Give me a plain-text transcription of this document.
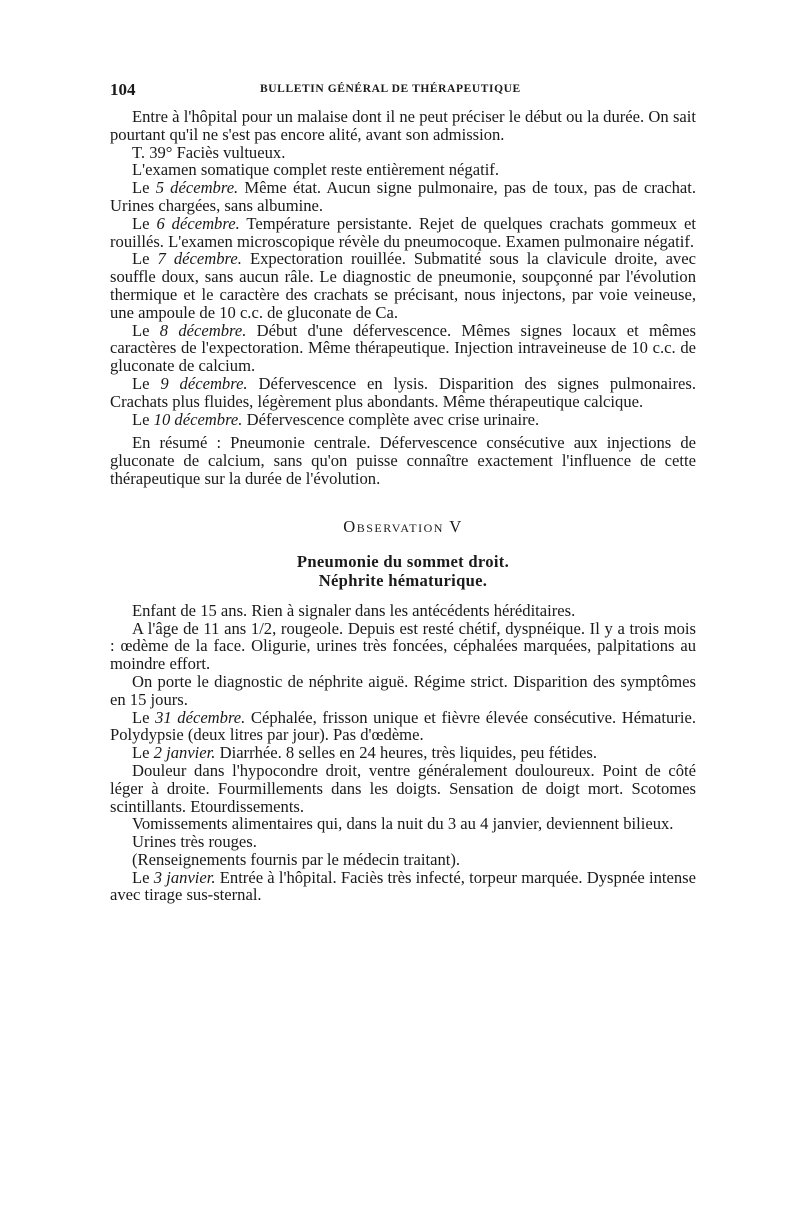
104	BULLETIN GÉNÉRAL DE THÉRAPEUTIQUE

Entre à l'hôpital pour un malaise dont il ne peut préciser le début ou la durée. On sait pourtant qu'il ne s'est pas encore alité, avant son admission.

T. 39° Faciès vultueux.

L'examen somatique complet reste entièrement négatif.

Le 5 décembre. Même état. Aucun signe pulmonaire, pas de toux, pas de crachat. Urines chargées, sans albumine.

Le 6 décembre. Température persistante. Rejet de quelques crachats gommeux et rouillés. L'examen microscopique révèle du pneumocoque. Examen pulmonaire négatif.

Le 7 décembre. Expectoration rouillée. Submatité sous la clavicule droite, avec souffle doux, sans aucun râle. Le diagnostic de pneumonie, soupçonné par l'évolution thermique et le caractère des crachats se précisant, nous injectons, par voie veineuse, une ampoule de 10 c.c. de gluconate de Ca.

Le 8 décembre. Début d'une défervescence. Mêmes signes locaux et mêmes caractères de l'expectoration. Même thérapeutique. Injection intraveineuse de 10 c.c. de gluconate de calcium.

Le 9 décembre. Défervescence en lysis. Disparition des signes pulmonaires. Crachats plus fluides, légèrement plus abondants. Même thérapeutique calcique.

Le 10 décembre. Défervescence complète avec crise urinaire.

En résumé : Pneumonie centrale. Défervescence consécutive aux injections de gluconate de calcium, sans qu'on puisse connaître exactement l'influence de cette thérapeutique sur la durée de l'évolution.

Observation V
Pneumonie du sommet droit.
Néphrite hématurique.

Enfant de 15 ans. Rien à signaler dans les antécédents héréditaires.

A l'âge de 11 ans 1/2, rougeole. Depuis est resté chétif, dyspnéique. Il y a trois mois : œdème de la face. Oligurie, urines très foncées, céphalées marquées, palpitations au moindre effort.

On porte le diagnostic de néphrite aiguë. Régime strict. Disparition des symptômes en 15 jours.

Le 31 décembre. Céphalée, frisson unique et fièvre élevée consécutive. Hématurie. Polydypsie (deux litres par jour). Pas d'œdème.

Le 2 janvier. Diarrhée. 8 selles en 24 heures, très liquides, peu fétides.

Douleur dans l'hypocondre droit, ventre généralement douloureux. Point de côté léger à droite. Fourmillements dans les doigts. Sensation de doigt mort. Scotomes scintillants. Etourdissements.

Vomissements alimentaires qui, dans la nuit du 3 au 4 janvier, deviennent bilieux.

Urines très rouges.

(Renseignements fournis par le médecin traitant).

Le 3 janvier. Entrée à l'hôpital. Faciès très infecté, torpeur marquée. Dyspnée intense avec tirage sus-sternal.
